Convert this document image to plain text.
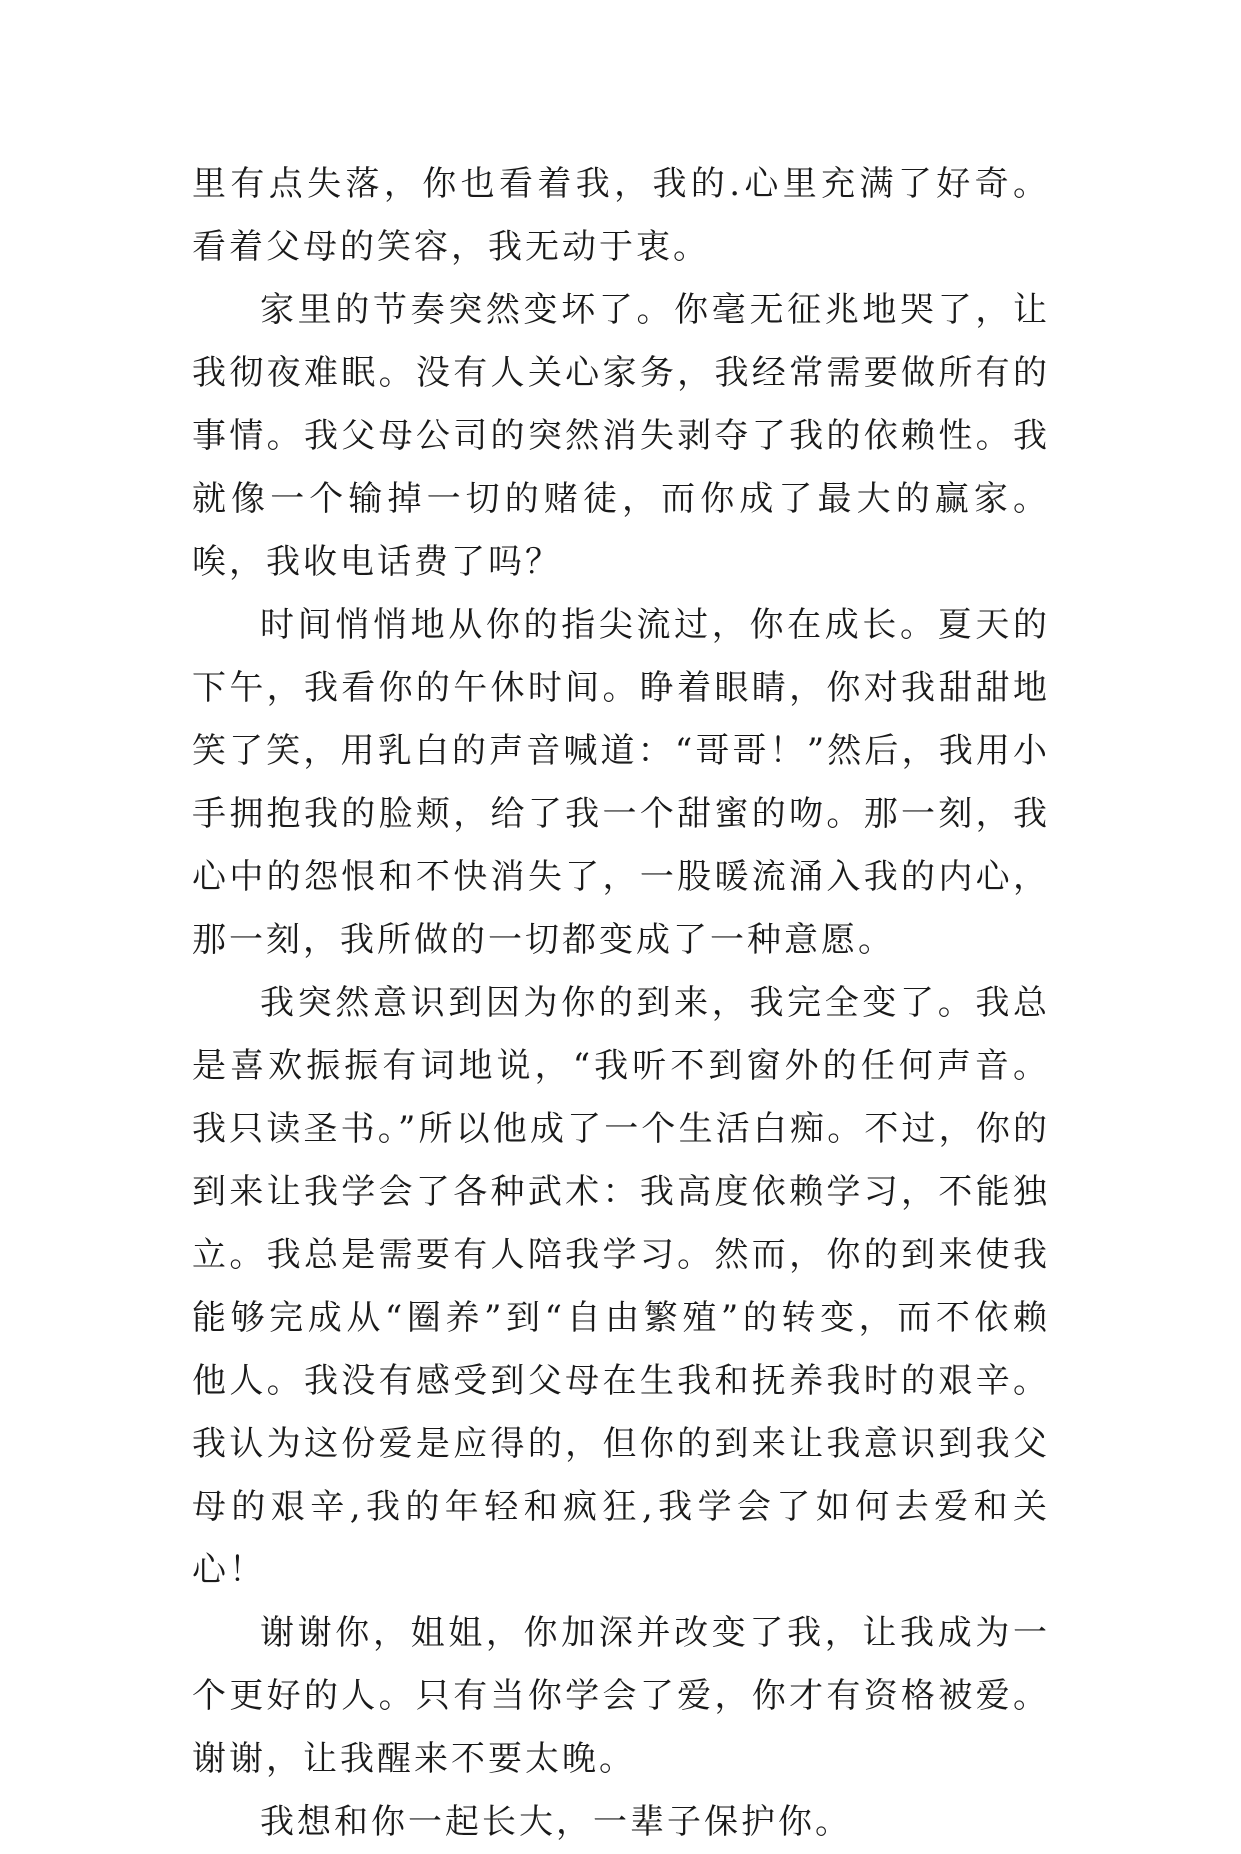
里有点失落，你也看着我，我的.心里充满了好奇。看着父母的笑容，我无动于衷。

家里的节奏突然变坏了。你毫无征兆地哭了，让我彻夜难眠。没有人关心家务，我经常需要做所有的事情。我父母公司的突然消失剥夺了我的依赖性。我就像一个输掉一切的赌徒，而你成了最大的赢家。唉，我收电话费了吗？

时间悄悄地从你的指尖流过，你在成长。夏天的下午，我看你的午休时间。睁着眼睛，你对我甜甜地笑了笑，用乳白的声音喊道：“哥哥！”然后，我用小手拥抱我的脸颊，给了我一个甜蜜的吻。那一刻，我心中的怨恨和不快消失了，一股暖流涌入我的内心，那一刻，我所做的一切都变成了一种意愿。

我突然意识到因为你的到来，我完全变了。我总是喜欢振振有词地说，“我听不到窗外的任何声音。我只读圣书。”所以他成了一个生活白痴。不过，你的到来让我学会了各种武术：我高度依赖学习，不能独立。我总是需要有人陪我学习。然而，你的到来使我能够完成从“圈养”到“自由繁殖”的转变，而不依赖他人。我没有感受到父母在生我和抚养我时的艰辛。我认为这份爱是应得的，但你的到来让我意识到我父母的艰辛,我的年轻和疯狂,我学会了如何去爱和关心！

谢谢你，姐姐，你加深并改变了我，让我成为一个更好的人。只有当你学会了爱，你才有资格被爱。谢谢，让我醒来不要太晚。

我想和你一起长大，一辈子保护你。
